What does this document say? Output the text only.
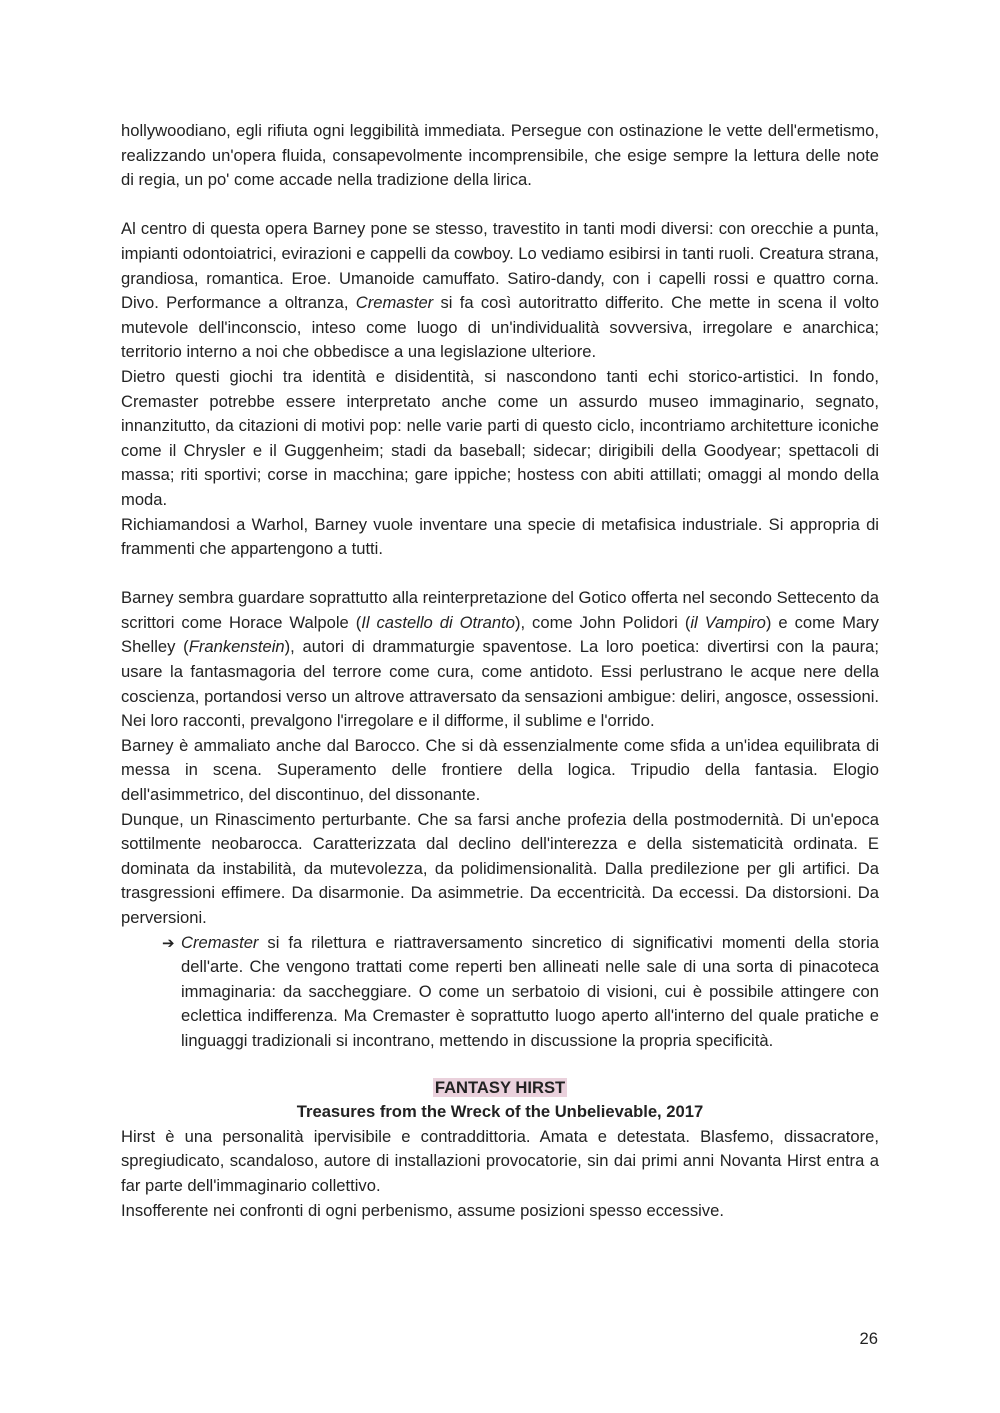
hollywoodiano, egli rifiuta ogni leggibilità immediata. Persegue con ostinazione le vette dell'ermetismo, realizzando un'opera fluida, consapevolmente incomprensibile, che esige sempre la lettura delle note di regia, un po' come accade nella tradizione della lirica.

Al centro di questa opera Barney pone se stesso, travestito in tanti modi diversi: con orecchie a punta, impianti odontoiatrici, evirazioni e cappelli da cowboy. Lo vediamo esibirsi in tanti ruoli. Creatura strana, grandiosa, romantica. Eroe. Umanoide camuffato. Satiro-dandy, con i capelli rossi e quattro corna. Divo. Performance a oltranza, Cremaster si fa così autoritratto differito. Che mette in scena il volto mutevole dell'inconscio, inteso come luogo di un'individualità sovversiva, irregolare e anarchica; territorio interno a noi che obbedisce a una legislazione ulteriore.

Dietro questi giochi tra identità e disidentità, si nascondono tanti echi storico-artistici. In fondo, Cremaster potrebbe essere interpretato anche come un assurdo museo immaginario, segnato, innanzitutto, da citazioni di motivi pop: nelle varie parti di questo ciclo, incontriamo architetture iconiche come il Chrysler e il Guggenheim; stadi da baseball; sidecar; dirigibili della Goodyear; spettacoli di massa; riti sportivi; corse in macchina; gare ippiche; hostess con abiti attillati; omaggi al mondo della moda.

Richiamandosi a Warhol, Barney vuole inventare una specie di metafisica industriale. Si appropria di frammenti che appartengono a tutti.

Barney sembra guardare soprattutto alla reinterpretazione del Gotico offerta nel secondo Settecento da scrittori come Horace Walpole (Il castello di Otranto), come John Polidori (il Vampiro) e come Mary Shelley (Frankenstein), autori di drammaturgie spaventose. La loro poetica: divertirsi con la paura; usare la fantasmagoria del terrore come cura, come antidoto. Essi perlustrano le acque nere della coscienza, portandosi verso un altrove attraversato da sensazioni ambigue: deliri, angosce, ossessioni. Nei loro racconti, prevalgono l'irregolare e il difforme, il sublime e l'orrido.

Barney è ammaliato anche dal Barocco. Che si dà essenzialmente come sfida a un'idea equilibrata di messa in scena. Superamento delle frontiere della logica. Tripudio della fantasia. Elogio dell'asimmetrico, del discontinuo, del dissonante.

Dunque, un Rinascimento perturbante. Che sa farsi anche profezia della postmodernità. Di un'epoca sottilmente neobarocca. Caratterizzata dal declino dell'interezza e della sistematicità ordinata. E dominata da instabilità, da mutevolezza, da polidimensionalità. Dalla predilezione per gli artifici. Da trasgressioni effimere. Da disarmonie. Da asimmetrie. Da eccentricità. Da eccessi. Da distorsioni. Da perversioni.

➔ Cremaster si fa rilettura e riattraversamento sincretico di significativi momenti della storia dell'arte. Che vengono trattati come reperti ben allineati nelle sale di una sorta di pinacoteca immaginaria: da saccheggiare. O come un serbatoio di visioni, cui è possibile attingere con eclettica indifferenza. Ma Cremaster è soprattutto luogo aperto all'interno del quale pratiche e linguaggi tradizionali si incontrano, mettendo in discussione la propria specificità.

FANTASY HIRST
Treasures from the Wreck of the Unbelievable, 2017

Hirst è una personalità ipervisibile e contraddittoria. Amata e detestata. Blasfemo, dissacratore, spregiudicato, scandaloso, autore di installazioni provocatorie, sin dai primi anni Novanta Hirst entra a far parte dell'immaginario collettivo.

Insofferente nei confronti di ogni perbenismo, assume posizioni spesso eccessive.

26
